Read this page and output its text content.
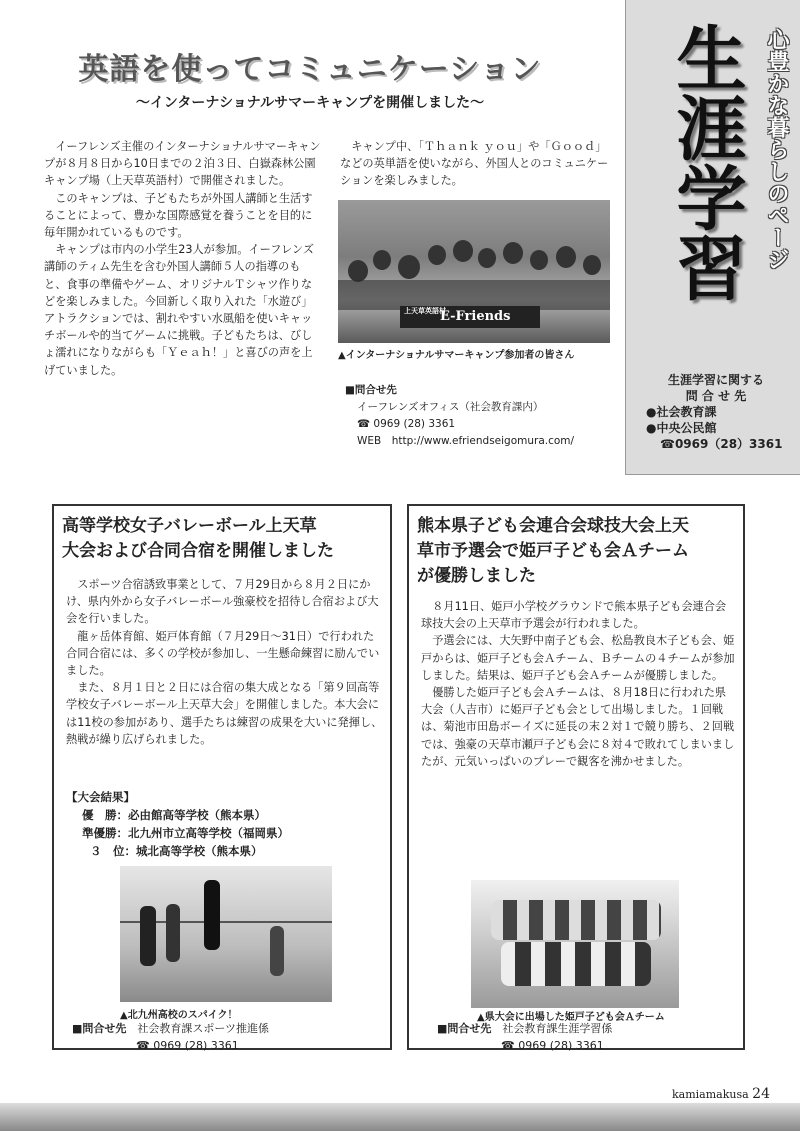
英語を使ってコミュニケーション
～インターナショナルサマーキャンプを開催しました～

イーフレンズ主催のインターナショナルサマーキャンプが８月８日から10日までの２泊３日、白嶽森林公園キャンプ場（上天草英語村）で開催されました。

このキャンプは、子どもたちが外国人講師と生活することによって、豊かな国際感覚を養うことを目的に毎年開かれているものです。

キャンプは市内の小学生23人が参加。イーフレンズ講師のティム先生を含む外国人講師５人の指導のもと、食事の準備やゲーム、オリジナルＴシャツ作りなどを楽しみました。今回新しく取り入れた「水遊び」アトラクションでは、割れやすい水風船を使いキャッチボールや的当てゲームに挑戦。子どもたちは、びしょ濡れになりながらも「Ｙｅａｈ！」と喜びの声を上げていました。

キャンプ中、「Ｔｈａｎｋ ｙｏｕ」や「Ｇｏｏｄ」などの英単語を使いながら、外国人とのコミュニケーションを楽しみました。

上天草英語村
E-Friends
▲インターナショナルサマーキャンプ参加者の皆さん
■問合せ先
イーフレンズオフィス（社会教育課内）
☎ 0969 (28) 3361
WEB　http://www.efriendseigomura.com/
心豊かな暮らしのページ
生涯学習
生涯学習に関する
問 合 せ 先
●社会教育課
●中央公民館
☎0969（28）3361
高等学校女子バレーボール上天草
大会および合同合宿を開催しました

スポーツ合宿誘致事業として、７月29日から８月２日にかけ、県内外から女子バレーボール強豪校を招待し合宿および大会を行いました。

龍ヶ岳体育館、姫戸体育館（７月29日～31日）で行われた合同合宿には、多くの学校が参加し、一生懸命練習に励んでいました。

また、８月１日と２日には合宿の集大成となる「第９回高等学校女子バレーボール上天草大会」を開催しました。本大会には11校の参加があり、選手たちは練習の成果を大いに発揮し、熱戦が繰り広げられました。

【大会結果】
優　勝：必由館高等学校（熊本県）
準優勝：北九州市立高等学校（福岡県）
３　位：城北高等学校（熊本県）
▲北九州高校のスパイク！
■問合せ先　 社会教育課スポーツ推進係
☎ 0969 (28) 3361
熊本県子ども会連合会球技大会上天
草市予選会で姫戸子ども会Ａチーム
が優勝しました

８月11日、姫戸小学校グラウンドで熊本県子ども会連合会球技大会の上天草市予選会が行われました。

予選会には、大矢野中南子ども会、松島教良木子ども会、姫戸からは、姫戸子ども会Ａチーム、Ｂチームの４チームが参加しました。結果は、姫戸子ども会Ａチームが優勝しました。

優勝した姫戸子ども会Ａチームは、８月18日に行われた県大会（人吉市）に姫戸子ども会として出場しました。１回戦は、菊池市田島ボーイズに延長の末２対１で競り勝ち、２回戦では、強豪の天草市瀬戸子ども会に８対４で敗れてしまいましたが、元気いっぱいのプレーで観客を沸かせました。

▲県大会に出場した姫戸子ども会Ａチーム
■問合せ先　 社会教育課生涯学習係
☎ 0969 (28) 3361
kamiamakusa 24
